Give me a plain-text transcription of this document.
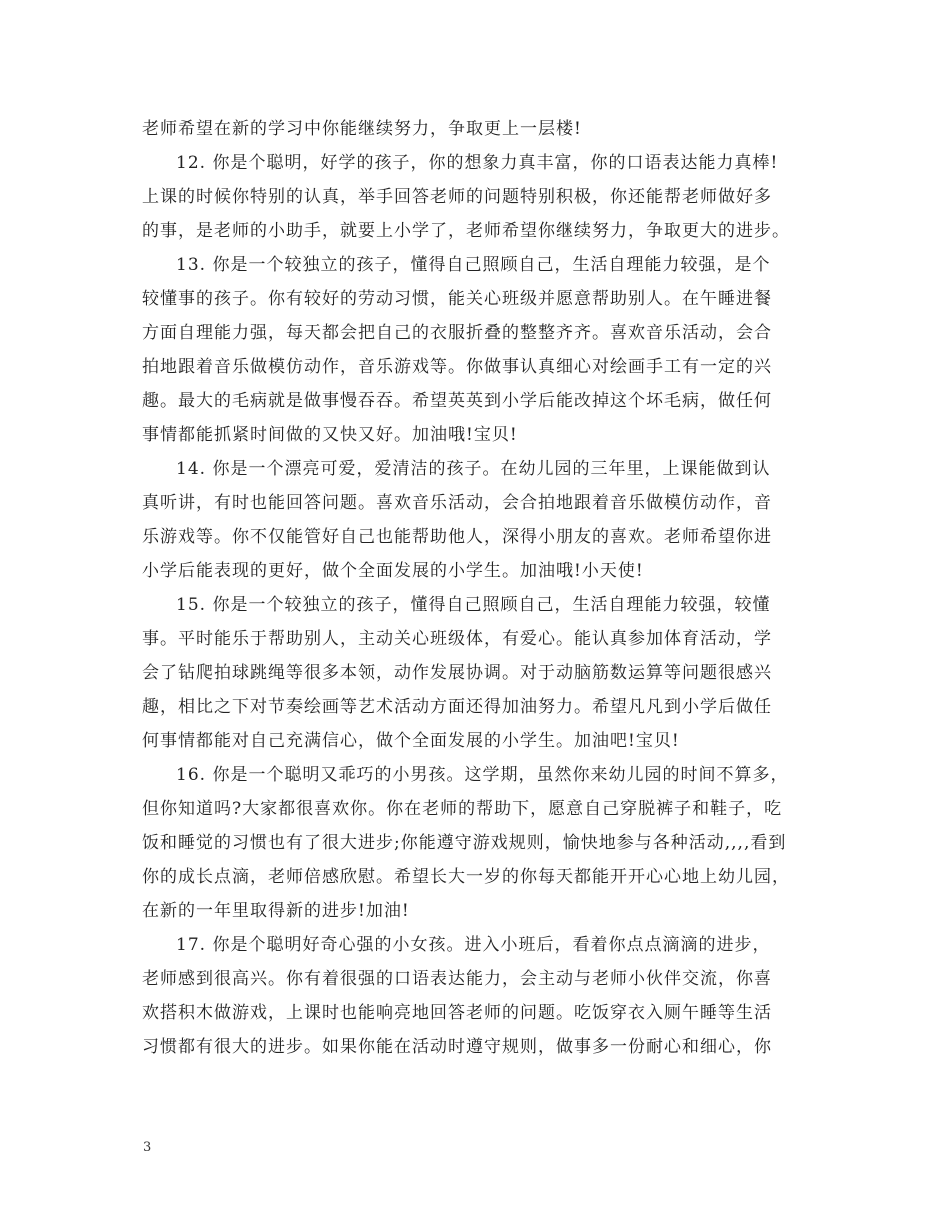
老师希望在新的学习中你能继续努力，争取更上一层楼!
12. 你是个聪明，好学的孩子，你的想象力真丰富，你的口语表达能力真棒!
上课的时候你特别的认真，举手回答老师的问题特别积极，你还能帮老师做好多
的事，是老师的小助手，就要上小学了，老师希望你继续努力，争取更大的进步。
13. 你是一个较独立的孩子，懂得自己照顾自己，生活自理能力较强，是个
较懂事的孩子。你有较好的劳动习惯，能关心班级并愿意帮助别人。在午睡进餐
方面自理能力强，每天都会把自己的衣服折叠的整整齐齐。喜欢音乐活动，会合
拍地跟着音乐做模仿动作，音乐游戏等。你做事认真细心对绘画手工有一定的兴
趣。最大的毛病就是做事慢吞吞。希望英英到小学后能改掉这个坏毛病，做任何
事情都能抓紧时间做的又快又好。加油哦!宝贝!
14. 你是一个漂亮可爱，爱清洁的孩子。在幼儿园的三年里，上课能做到认
真听讲，有时也能回答问题。喜欢音乐活动，会合拍地跟着音乐做模仿动作，音
乐游戏等。你不仅能管好自己也能帮助他人，深得小朋友的喜欢。老师希望你进
小学后能表现的更好，做个全面发展的小学生。加油哦!小天使!
15. 你是一个较独立的孩子，懂得自己照顾自己，生活自理能力较强，较懂
事。平时能乐于帮助别人，主动关心班级体，有爱心。能认真参加体育活动，学
会了钻爬拍球跳绳等很多本领，动作发展协调。对于动脑筋数运算等问题很感兴
趣，相比之下对节奏绘画等艺术活动方面还得加油努力。希望凡凡到小学后做任
何事情都能对自己充满信心，做个全面发展的小学生。加油吧!宝贝!
16. 你是一个聪明又乖巧的小男孩。这学期，虽然你来幼儿园的时间不算多，
但你知道吗?大家都很喜欢你。你在老师的帮助下，愿意自己穿脱裤子和鞋子，吃
饭和睡觉的习惯也有了很大进步;你能遵守游戏规则，愉快地参与各种活动,,,,看到
你的成长点滴，老师倍感欣慰。希望长大一岁的你每天都能开开心心地上幼儿园，
在新的一年里取得新的进步!加油!
17. 你是个聪明好奇心强的小女孩。进入小班后，看着你点点滴滴的进步，
老师感到很高兴。你有着很强的口语表达能力，会主动与老师小伙伴交流，你喜
欢搭积木做游戏，上课时也能响亮地回答老师的问题。吃饭穿衣入厕午睡等生活
习惯都有很大的进步。如果你能在活动时遵守规则，做事多一份耐心和细心，你
3
